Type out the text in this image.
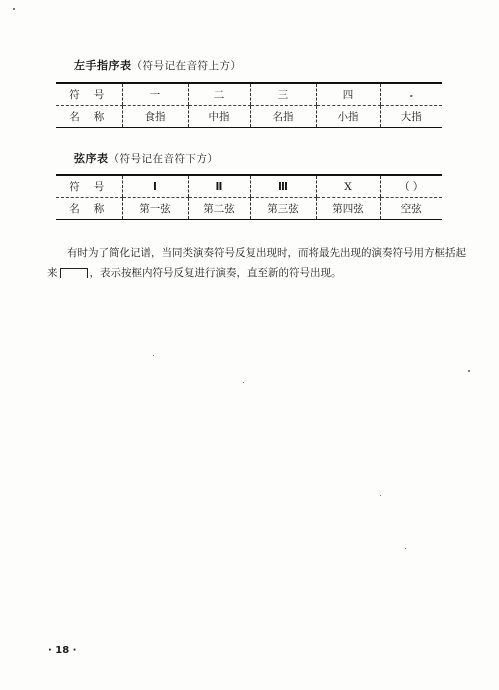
左手指序表（符号记在音符上方）
符号	一	二	三	四	𝅗
名称	食指	中指	名指	小指	大指
弦序表（符号记在音符下方）
符号	I	Ⅱ	Ⅲ	X	（ ）
名称	第一弦	第二弦	第三弦	第四弦	空弦
有时为了简化记谱，当同类演奏符号反复出现时，而将最先出现的演奏符号用方框括起来	，表示按框内符号反复进行演奏，直至新的符号出现。
· 18 ·
